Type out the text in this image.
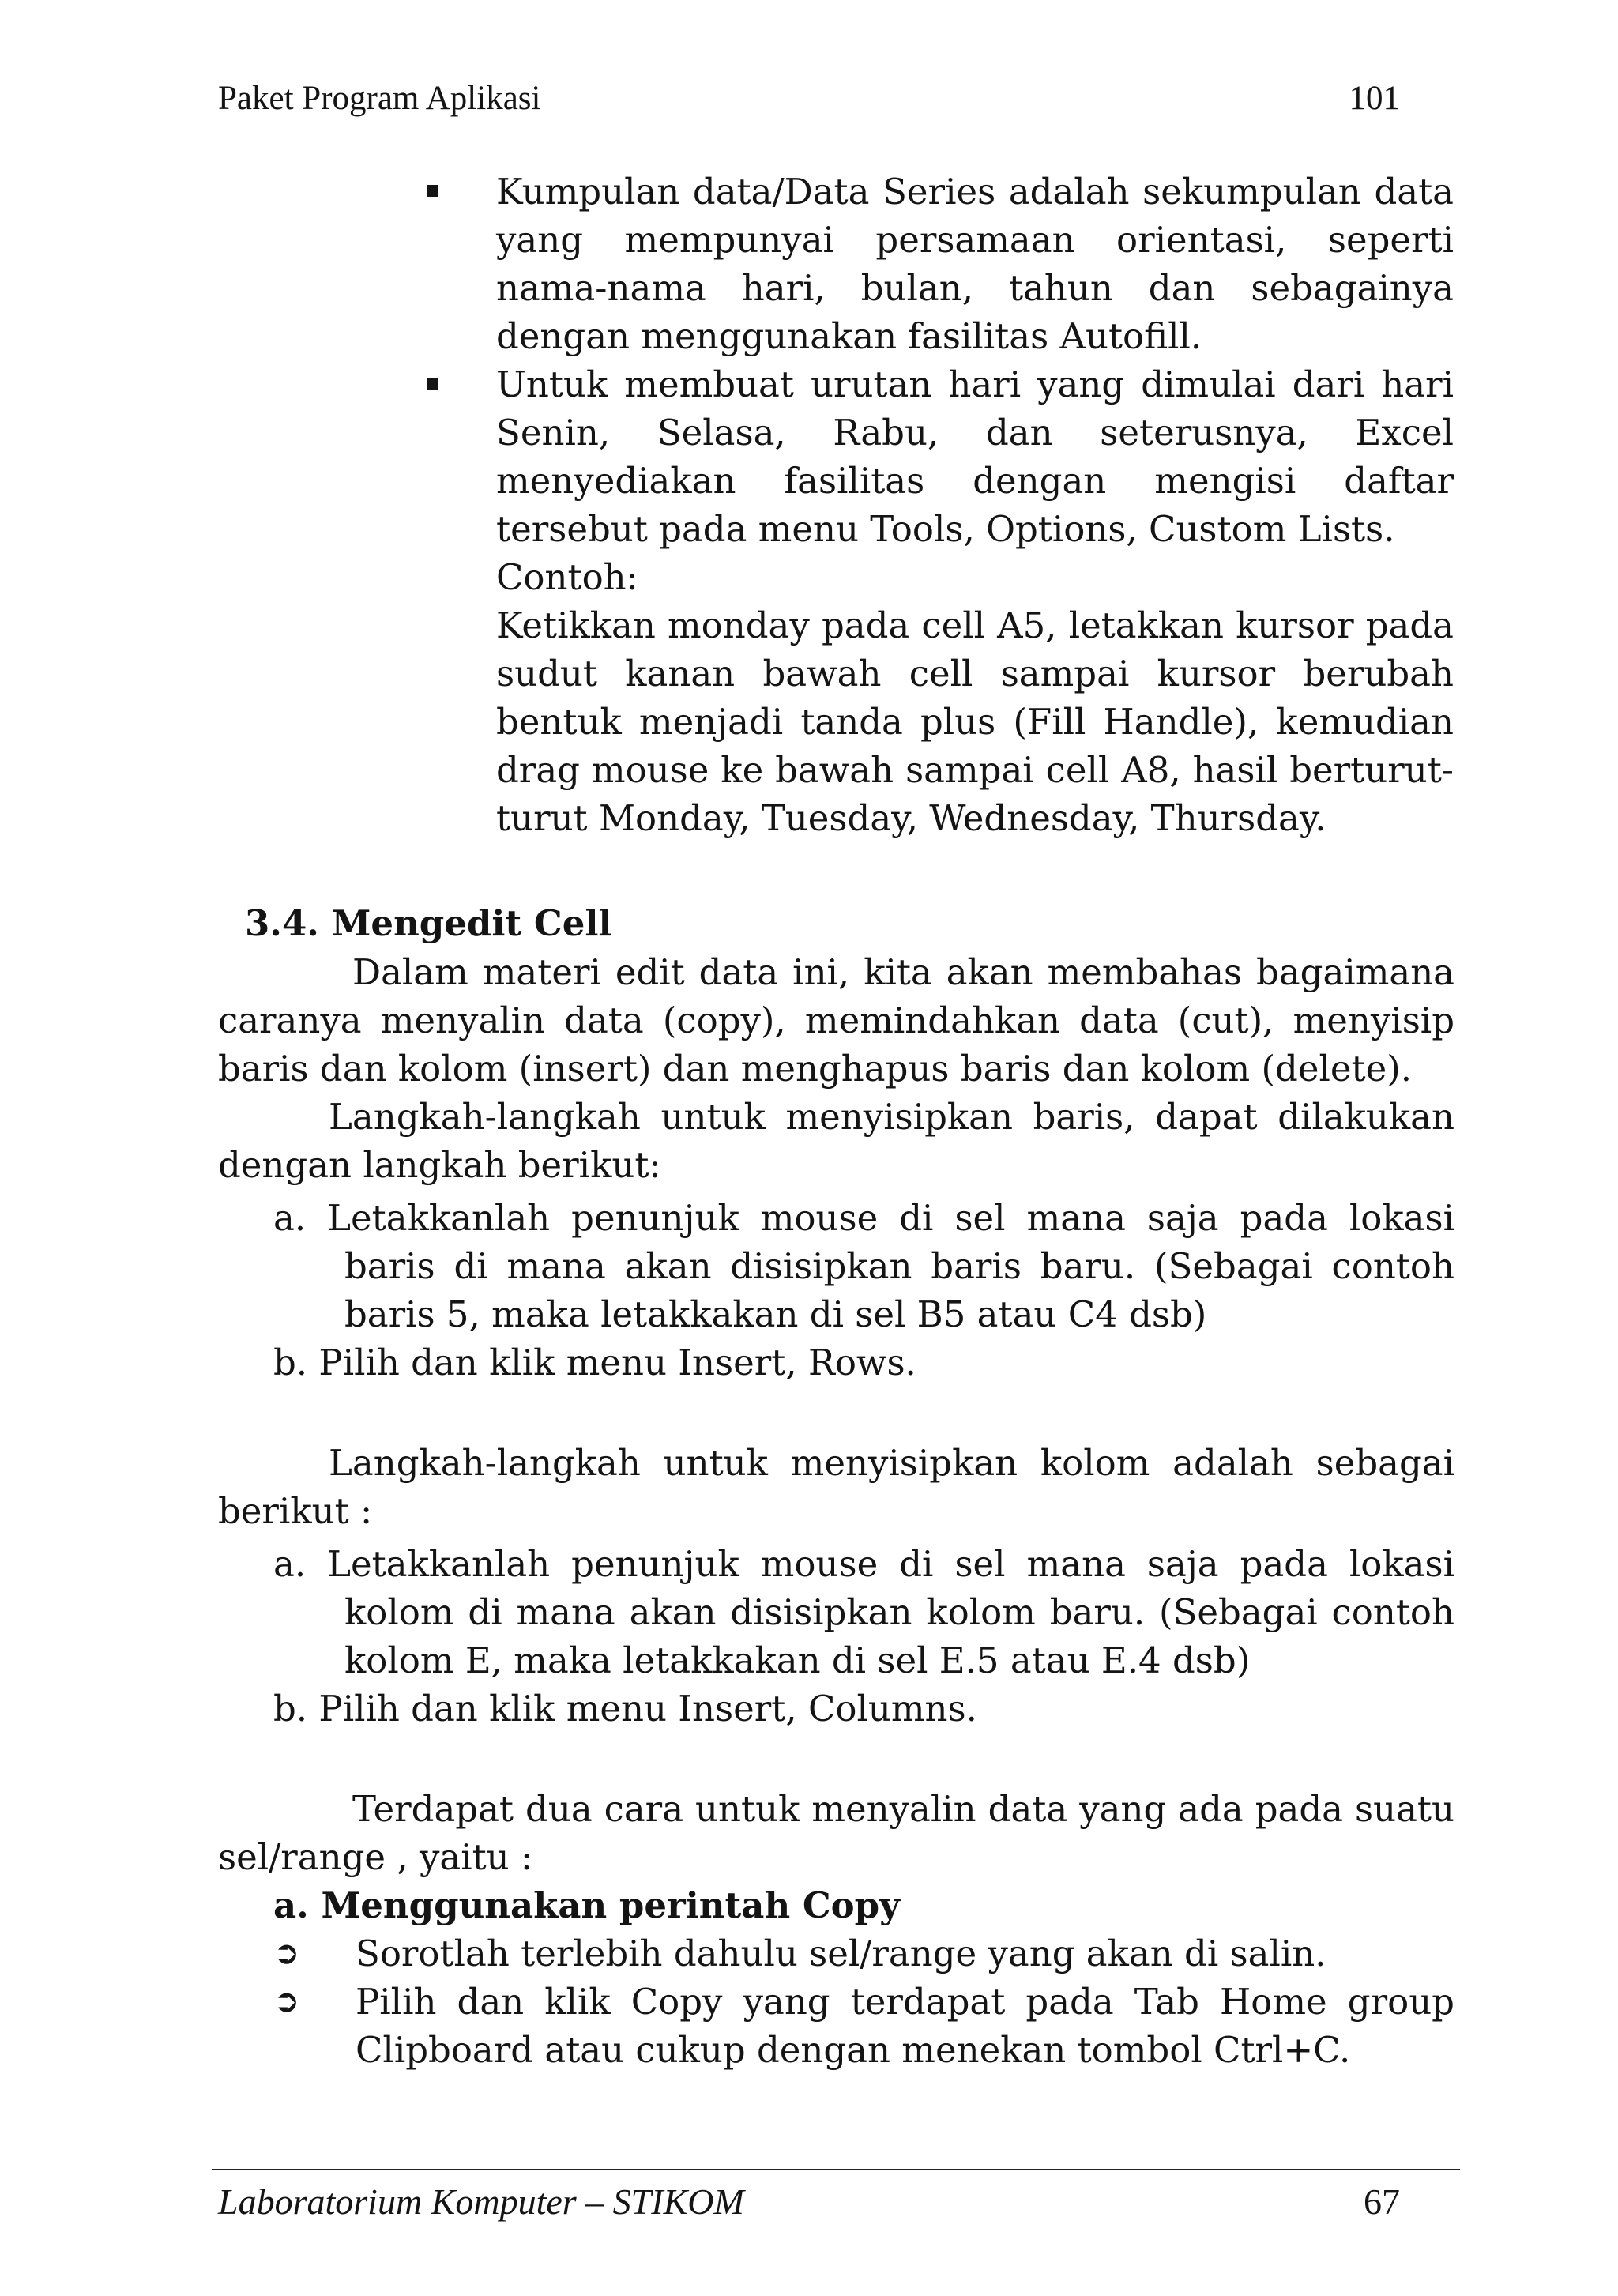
Paket Program Aplikasi	101
Kumpulan data/Data Series adalah sekumpulan data yang mempunyai persamaan orientasi, seperti nama-nama hari, bulan, tahun dan sebagainya dengan menggunakan fasilitas Autofill.
Untuk membuat urutan hari yang dimulai dari hari Senin, Selasa, Rabu, dan seterusnya, Excel menyediakan fasilitas dengan mengisi daftar tersebut pada menu Tools, Options, Custom Lists.
Contoh:
Ketikkan monday pada cell A5, letakkan kursor pada sudut kanan bawah cell sampai kursor berubah bentuk menjadi tanda plus (Fill Handle), kemudian drag mouse ke bawah sampai cell A8, hasil berturut-turut Monday, Tuesday, Wednesday, Thursday.
3.4. Mengedit Cell

Dalam materi edit data ini, kita akan membahas bagaimana caranya menyalin data (copy), memindahkan data (cut), menyisip baris dan kolom (insert) dan menghapus baris dan kolom (delete).

Langkah-langkah untuk menyisipkan baris, dapat dilakukan dengan langkah berikut:

a. Letakkanlah penunjuk mouse di sel mana saja pada lokasi baris di mana akan disisipkan baris baru. (Sebagai contoh baris 5, maka letakkakan di sel B5 atau C4 dsb)
b. Pilih dan klik menu Insert, Rows.

Langkah-langkah untuk menyisipkan kolom adalah sebagai berikut :

a. Letakkanlah penunjuk mouse di sel mana saja pada lokasi kolom di mana akan disisipkan kolom baru. (Sebagai contoh kolom E, maka letakkakan di sel E.5 atau E.4 dsb)
b. Pilih dan klik menu Insert, Columns.

Terdapat dua cara untuk menyalin data yang ada pada suatu sel/range , yaitu :

a. Menggunakan perintah Copy
➲ Sorotlah terlebih dahulu sel/range yang akan di salin.
➲ Pilih dan klik Copy yang terdapat pada Tab Home group Clipboard atau cukup dengan menekan tombol Ctrl+C.
Laboratorium Komputer – STIKOM	67
